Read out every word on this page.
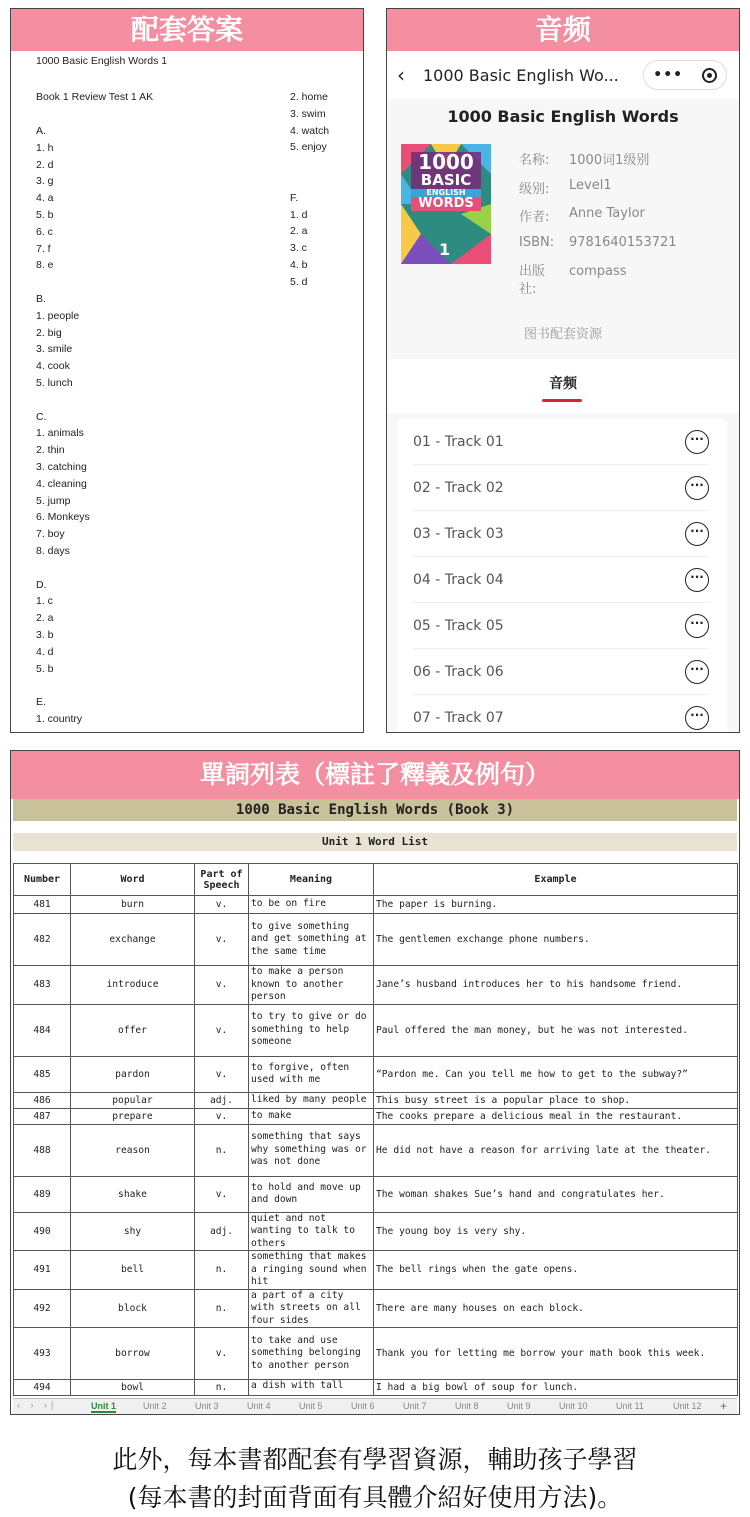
配套答案
1000 Basic English Words 1
Book 1 Review Test 1 AK
A.
1. h
2. d
3. g
4. a
5. b
6. c
7. f
8. e
B.
1. people
2. big
3. smile
4. cook
5. lunch
C.
1. animals
2. thin
3. catching
4. cleaning
5. jump
6. Monkeys
7. boy
8. days
D.
1. c
2. a
3. b
4. d
5. b
E.
1. country
2. home
3. swim
4. watch
5. enjoy
F.
1. d
2. a
3. c
4. b
5. d
音频
‹	1000 Basic English Wo...	•••
1000 Basic English Words
1000
BASIC
ENGLISH
WORDS
1
名称: 1000词1级别
级别: Level1
作者: Anne Taylor
ISBN: 9781640153721
出版社:
compass
图书配套资源
音频
01 - Track 01	···
02 - Track 02	···
03 - Track 03	···
04 - Track 04	···
05 - Track 05	···
06 - Track 06	···
07 - Track 07	···
單詞列表（標註了釋義及例句）
1000 Basic English Words (Book 3)
Unit 1 Word List
Number	Word	Part of Speech	Meaning	Example
481	burn	v.	to be on fire	The paper is burning.
482	exchange	v.	to give something and get something at the same time	The gentlemen exchange phone numbers.
483	introduce	v.	to make a person known to another person	Jane’s husband introduces her to his handsome friend.
484	offer	v.	to try to give or do something to help someone	Paul offered the man money, but he was not interested.
485	pardon	v.	to forgive, often used with me	“Pardon me. Can you tell me how to get to the subway?”
486	popular	adj.	liked by many people	This busy street is a popular place to shop.
487	prepare	v.	to make	The cooks prepare a delicious meal in the restaurant.
488	reason	n.	something that says why something was or was not done	He did not have a reason for arriving late at the theater.
489	shake	v.	to hold and move up and down	The woman shakes Sue’s hand and congratulates her.
490	shy	adj.	quiet and not wanting to talk to others	The young boy is very shy.
491	bell	n.	something that makes a ringing sound when hit	The bell rings when the gate opens.
492	block	n.	a part of a city with streets on all four sides	There are many houses on each block.
493	borrow	v.	to take and use something belonging to another person	Thank you for letting me borrow your math book this week.
494	bowl	n.	a dish with tall	I had a big bowl of soup for lunch.
‹ › ›|	Unit 1	Unit 2	Unit 3	Unit 4	Unit 5	Unit 6	Unit 7	Unit 8	Unit 9	Unit 10	Unit 11	Unit 12 +
此外，每本書都配套有學習資源，輔助孩子學習
(每本書的封面背面有具體介紹好使用方法)。
